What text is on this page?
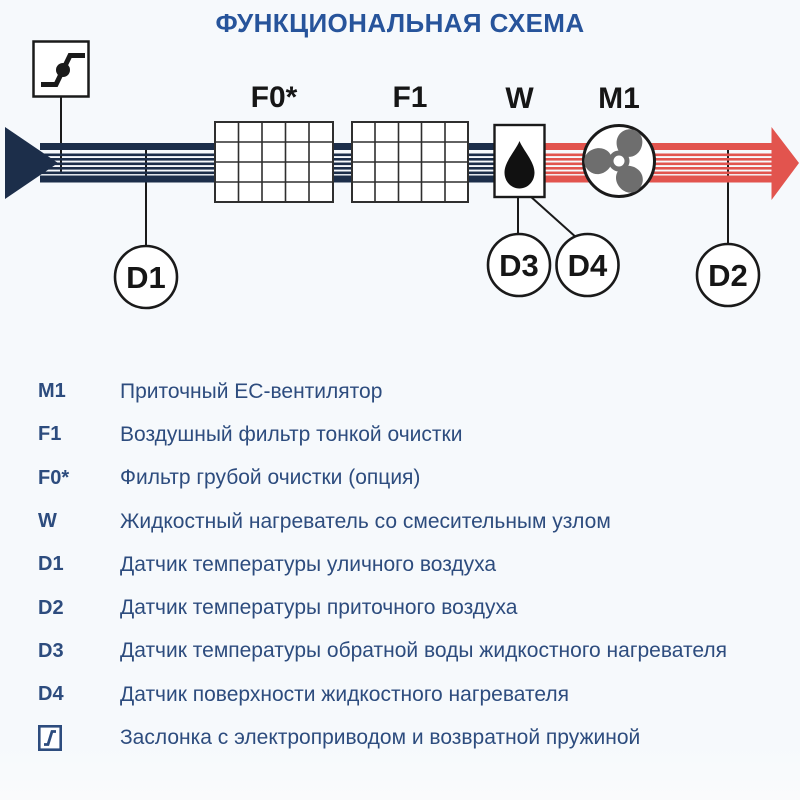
ФУНКЦИОНАЛЬНАЯ СХЕМА
F0*	F1	W M1
D1	D3 D4	D2
M1	Приточный ЕС-вентилятор
F1	Воздушный фильтр тонкой очистки
F0*	Фильтр грубой очистки (опция)
W	Жидкостный нагреватель со смесительным узлом
D1	Датчик температуры уличного воздуха
D2	Датчик температуры приточного воздуха
D3	Датчик температуры обратной воды жидкостного нагревателя
D4	Датчик поверхности жидкостного нагревателя
Заслонка с электроприводом и возвратной пружиной
